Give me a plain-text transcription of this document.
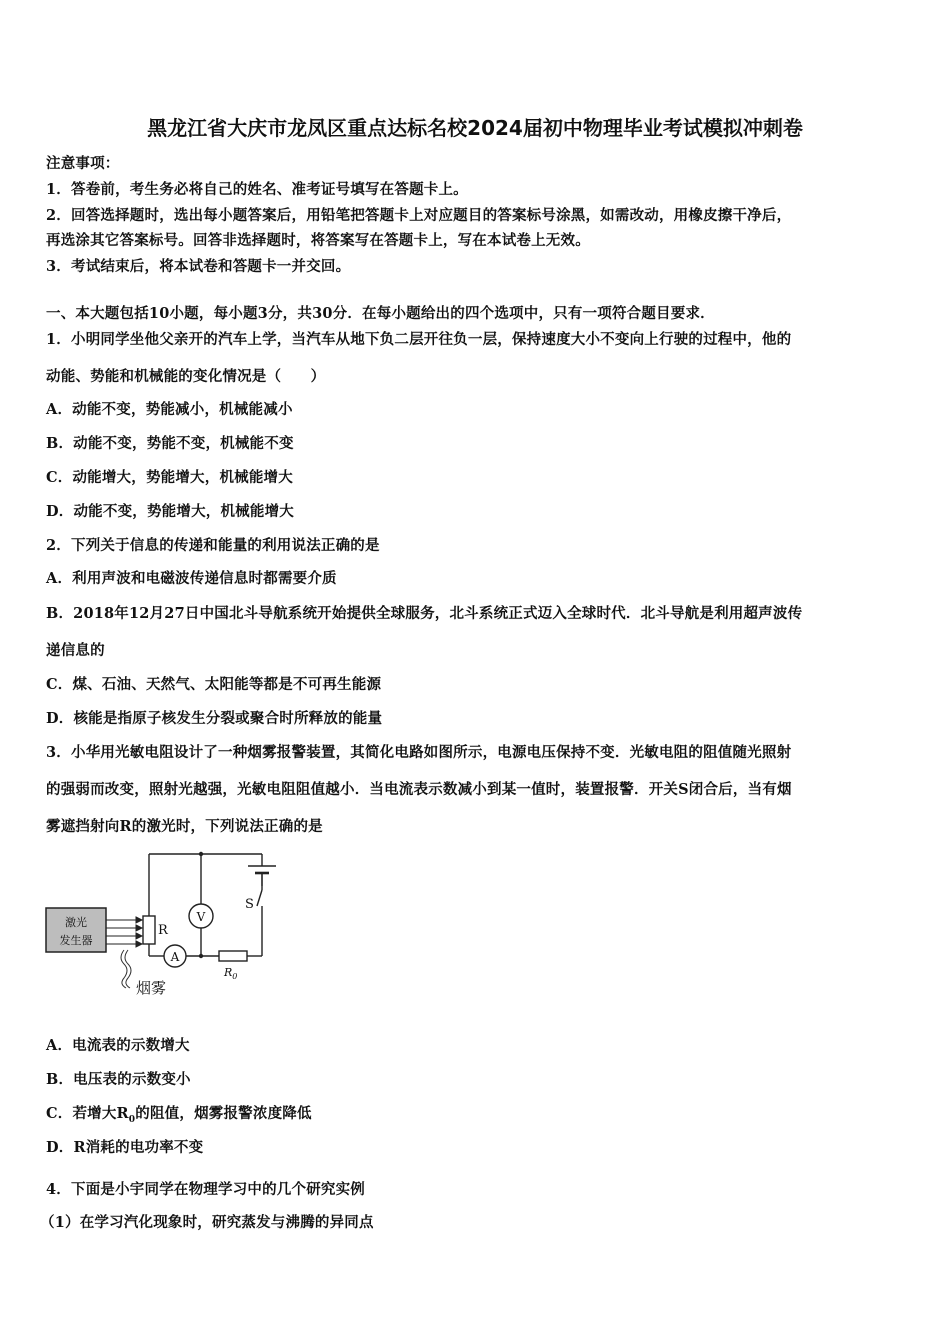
黑龙江省大庆市龙凤区重点达标名校2024届初中物理毕业考试模拟冲刺卷
注意事项：
1．答卷前，考生务必将自己的姓名、准考证号填写在答题卡上。
2．回答选择题时，选出每小题答案后，用铅笔把答题卡上对应题目的答案标号涂黑，如需改动，用橡皮擦干净后，
再选涂其它答案标号。回答非选择题时，将答案写在答题卡上，写在本试卷上无效。
3．考试结束后，将本试卷和答题卡一并交回。
一、本大题包括10小题，每小题3分，共30分．在每小题给出的四个选项中，只有一项符合题目要求．
1．小明同学坐他父亲开的汽车上学，当汽车从地下负二层开往负一层，保持速度大小不变向上行驶的过程中，他的
动能、势能和机械能的变化情况是（　　）
A．动能不变，势能减小，机械能减小
B．动能不变，势能不变，机械能不变
C．动能增大，势能增大，机械能增大
D．动能不变，势能增大，机械能增大
2．下列关于信息的传递和能量的利用说法正确的是
A．利用声波和电磁波传递信息时都需要介质
B．2018年12月27日中国北斗导航系统开始提供全球服务，北斗系统正式迈入全球时代．北斗导航是利用超声波传
递信息的
C．煤、石油、天然气、太阳能等都是不可再生能源
D．核能是指原子核发生分裂或聚合时所释放的能量
3．小华用光敏电阻设计了一种烟雾报警装置，其简化电路如图所示，电源电压保持不变．光敏电阻的阻值随光照射
的强弱而改变，照射光越强，光敏电阻阻值越小．当电流表示数减小到某一值时，装置报警．开关S闭合后，当有烟
雾遮挡射向R的激光时，下列说法正确的是
激光
发生器
S
R
V
A
$R_0$
烟雾
A．电流表的示数增大
B．电压表的示数变小
C．若增大$R_0$的阻值，烟雾报警浓度降低
D．R消耗的电功率不变
4．下面是小宇同学在物理学习中的几个研究实例
（1）在学习汽化现象时，研究蒸发与沸腾的异同点
